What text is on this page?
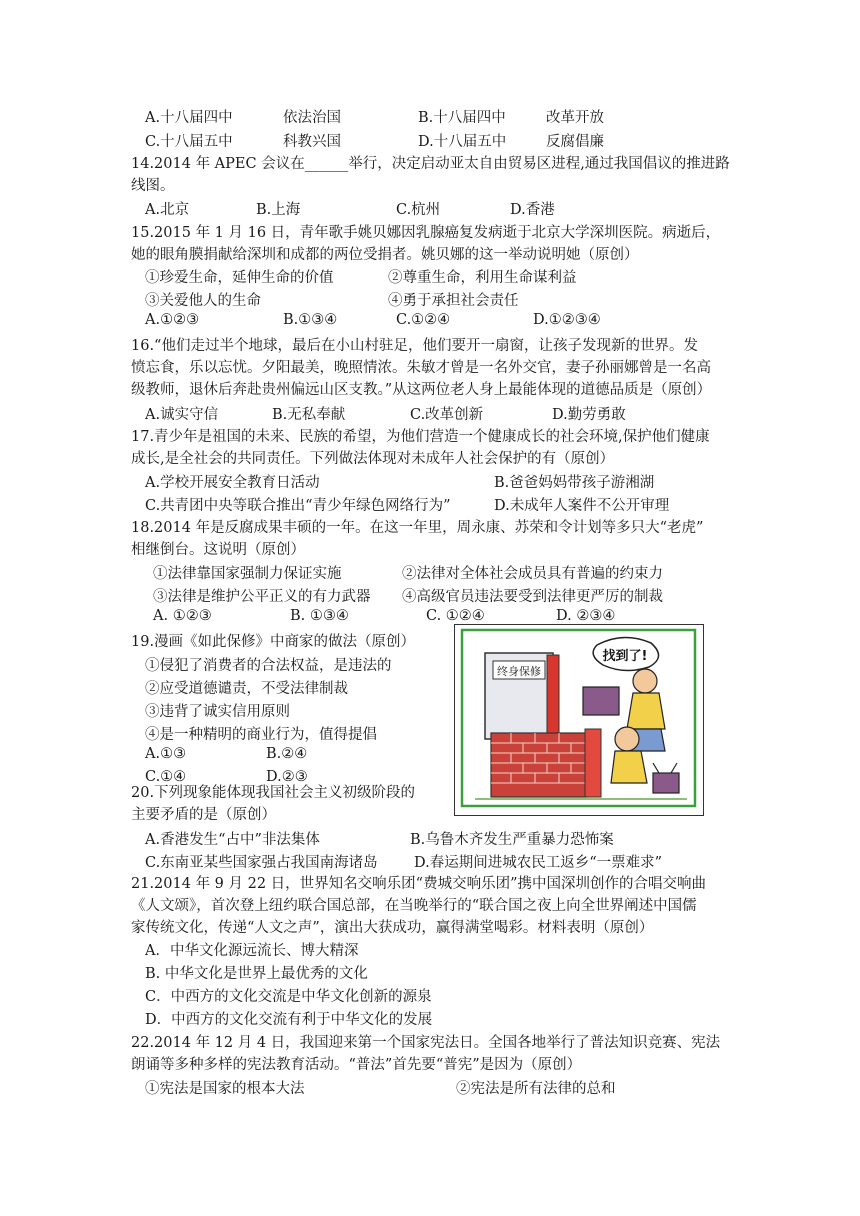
A.十八届四中	依法治国	B.十八届四中	改革开放
C.十八届五中	科教兴国	D.十八届五中	反腐倡廉
14.2014 年 APEC 会议在______举行，决定启动亚太自由贸易区进程,通过我国倡议的推进路
线图。
A.北京	B.上海	C.杭州	D.香港
15.2015 年 1 月 16 日，青年歌手姚贝娜因乳腺癌复发病逝于北京大学深圳医院。病逝后，
她的眼角膜捐献给深圳和成都的两位受捐者。姚贝娜的这一举动说明她（原创）
①珍爱生命，延伸生命的价值	②尊重生命，利用生命谋利益
③关爱他人的生命	④勇于承担社会责任
A.①②③	B.①③④	C.①②④	D.①②③④
16.“他们走过半个地球，最后在小山村驻足，他们要开一扇窗，让孩子发现新的世界。发
愤忘食，乐以忘忧。夕阳最美，晚照情浓。朱敏才曾是一名外交官，妻子孙丽娜曾是一名高
级教师，退休后奔赴贵州偏远山区支教。”从这两位老人身上最能体现的道德品质是（原创）
A.诚实守信	B.无私奉献	C.改革创新	D.勤劳勇敢
17.青少年是祖国的未来、民族的希望，为他们营造一个健康成长的社会环境,保护他们健康
成长,是全社会的共同责任。下列做法体现对未成年人社会保护的有（原创）
A.学校开展安全教育日活动	B.爸爸妈妈带孩子游湘湖
C.共青团中央等联合推出“青少年绿色网络行为”	D.未成年人案件不公开审理
18.2014 年是反腐成果丰硕的一年。在这一年里，周永康、苏荣和令计划等多只大“老虎”
相继倒台。这说明（原创）
①法律靠国家强制力保证实施	②法律对全体社会成员具有普遍的约束力
③法律是维护公平正义的有力武器 ④高级官员违法要受到法律更严厉的制裁
A. ①②③	B. ①③④	C. ①②④	D. ②③④
19.漫画《如此保修》中商家的做法（原创）
①侵犯了消费者的合法权益，是违法的
②应受道德谴责，不受法律制裁
③违背了诚实信用原则
④是一种精明的商业行为，值得提倡
A.①③	B.②④
C.①④	D.②③
终身保修
找到了!
20.下列现象能体现我国社会主义初级阶段的
主要矛盾的是（原创）
A.香港发生“占中”非法集体	B.乌鲁木齐发生严重暴力恐怖案
C.东南亚某些国家强占我国南海诸岛	D.春运期间进城农民工返乡“一票难求”
21.2014 年 9 月 22 日，世界知名交响乐团“费城交响乐团”携中国深圳创作的合唱交响曲
《人文颂》，首次登上纽约联合国总部，在当晚举行的“联合国之夜上向全世界阐述中国儒
家传统文化，传递“人文之声”，演出大获成功，赢得满堂喝彩。材料表明（原创）
A．中华文化源远流长、博大精深
B. 中华文化是世界上最优秀的文化
C．中西方的文化交流是中华文化创新的源泉
D．中西方的文化交流有利于中华文化的发展
22.2014 年 12 月 4 日，我国迎来第一个国家宪法日。全国各地举行了普法知识竞赛、宪法
朗诵等多种多样的宪法教育活动。“普法”首先要“普宪”是因为（原创）
①宪法是国家的根本大法	②宪法是所有法律的总和
